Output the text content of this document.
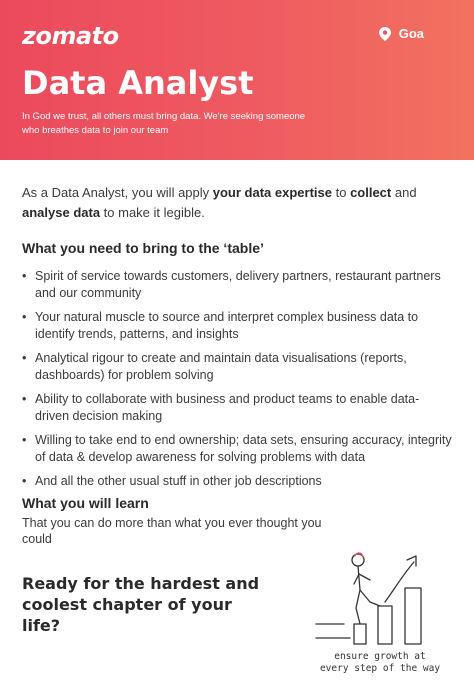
zomato	Goa
Data Analyst

In God we trust, all others must bring data. We're seeking someone who breathes data to join our team

As a Data Analyst, you will apply your data expertise to collect and analyse data to make it legible.

What you need to bring to the ‘table’
• Spirit of service towards customers, delivery partners, restaurant partners and our community
• Your natural muscle to source and interpret complex business data to identify trends, patterns, and insights
• Analytical rigour to create and maintain data visualisations (reports, dashboards) for problem solving
• Ability to collaborate with business and product teams to enable data-driven decision making
• Willing to take end to end ownership; data sets, ensuring accuracy, integrity of data & develop awareness for solving problems with data
• And all the other usual stuff in other job descriptions
What you will learn

That you can do more than what you ever thought you could

Ready for the hardest and coolest chapter of your life?

ensure growth at every step of the way
